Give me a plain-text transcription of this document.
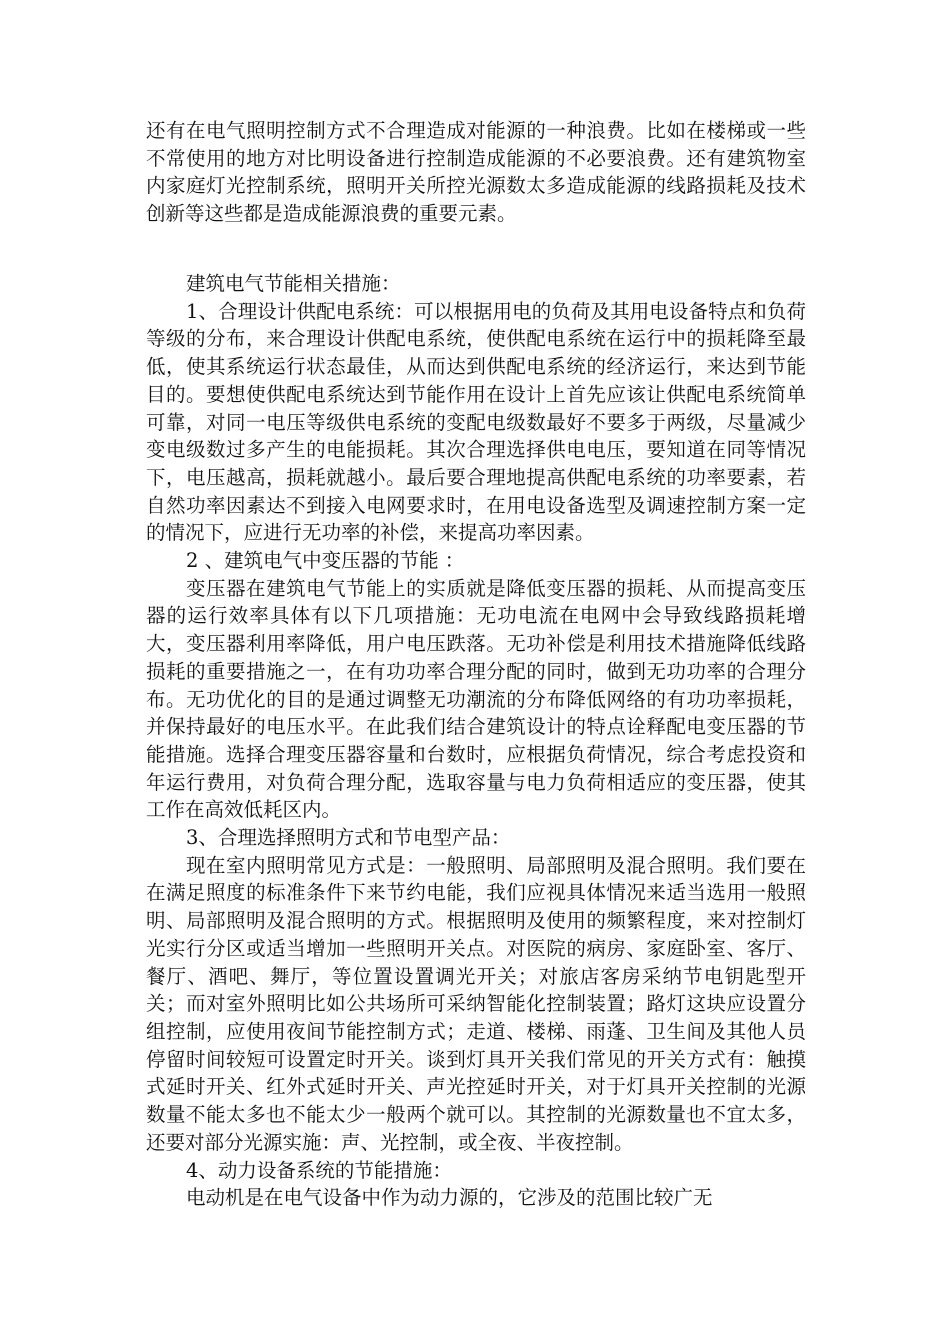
还有在电气照明控制方式不合理造成对能源的一种浪费。比如在楼梯或一些不常使用的地方对比明设备进行控制造成能源的不必要浪费。还有建筑物室内家庭灯光控制系统，照明开关所控光源数太多造成能源的线路损耗及技术创新等这些都是造成能源浪费的重要元素。

建筑电气节能相关措施：

1、合理设计供配电系统：可以根据用电的负荷及其用电设备特点和负荷等级的分布，来合理设计供配电系统，使供配电系统在运行中的损耗降至最低，使其系统运行状态最佳，从而达到供配电系统的经济运行，来达到节能目的。要想使供配电系统达到节能作用在设计上首先应该让供配电系统简单可靠，对同一电压等级供电系统的变配电级数最好不要多于两级，尽量减少变电级数过多产生的电能损耗。其次合理选择供电电压，要知道在同等情况下，电压越高，损耗就越小。最后要合理地提高供配电系统的功率要素，若自然功率因素达不到接入电网要求时，在用电设备选型及调速控制方案一定的情况下，应进行无功率的补偿，来提高功率因素。

2 、建筑电气中变压器的节能 ：

变压器在建筑电气节能上的实质就是降低变压器的损耗、从而提高变压器的运行效率具体有以下几项措施：无功电流在电网中会导致线路损耗增大，变压器利用率降低，用户电压跌落。无功补偿是利用技术措施降低线路损耗的重要措施之一，在有功功率合理分配的同时，做到无功功率的合理分布。无功优化的目的是通过调整无功潮流的分布降低网络的有功功率损耗，并保持最好的电压水平。在此我们结合建筑设计的特点诠释配电变压器的节能措施。选择合理变压器容量和台数时，应根据负荷情况，综合考虑投资和年运行费用，对负荷合理分配，选取容量与电力负荷相适应的变压器，使其工作在高效低耗区内。

3、合理选择照明方式和节电型产品：

现在室内照明常见方式是：一般照明、局部照明及混合照明。我们要在在满足照度的标准条件下来节约电能，我们应视具体情况来适当选用一般照明、局部照明及混合照明的方式。根据照明及使用的频繁程度，来对控制灯光实行分区或适当增加一些照明开关点。对医院的病房、家庭卧室、客厅、餐厅、酒吧、舞厅，等位置设置调光开关；对旅店客房采纳节电钥匙型开关；而对室外照明比如公共场所可采纳智能化控制装置；路灯这块应设置分组控制，应使用夜间节能控制方式；走道、楼梯、雨蓬、卫生间及其他人员停留时间较短可设置定时开关。谈到灯具开关我们常见的开关方式有：触摸式延时开关、红外式延时开关、声光控延时开关，对于灯具开关控制的光源数量不能太多也不能太少一般两个就可以。其控制的光源数量也不宜太多，还要对部分光源实施：声、光控制，或全夜、半夜控制。

4、动力设备系统的节能措施：

电动机是在电气设备中作为动力源的，它涉及的范围比较广无
